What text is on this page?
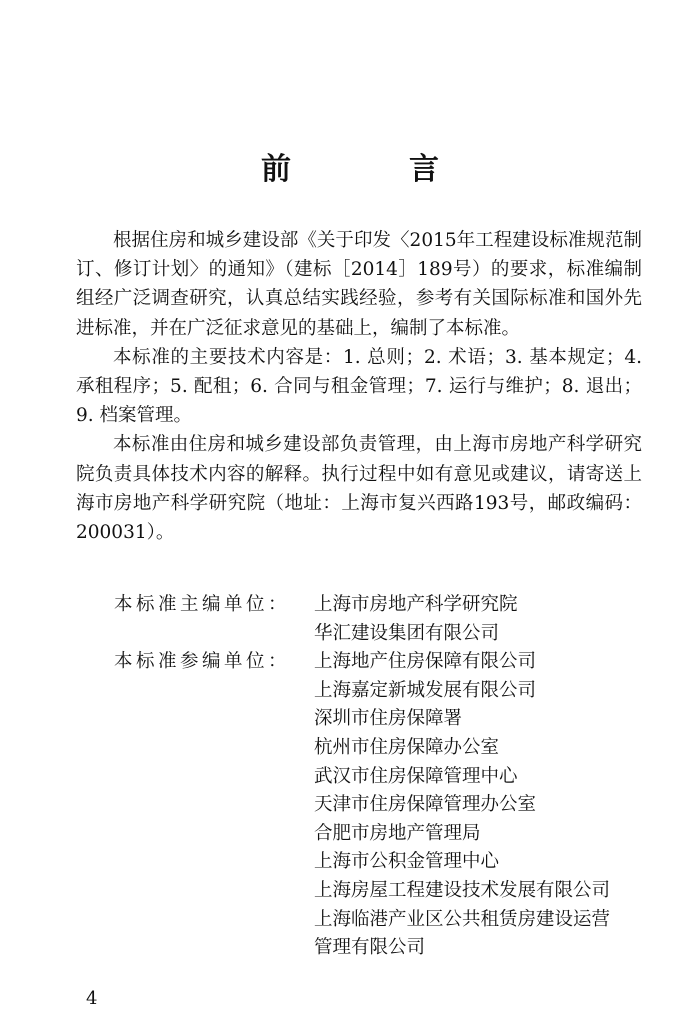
前　言

根据住房和城乡建设部《关于印发〈2015年工程建设标准规范制订、修订计划〉的通知》（建标［2014］189号）的要求，标准编制组经广泛调查研究，认真总结实践经验，参考有关国际标准和国外先进标准，并在广泛征求意见的基础上，编制了本标准。

本标准的主要技术内容是：1. 总则；2. 术语；3. 基本规定；4. 承租程序；5. 配租；6. 合同与租金管理；7. 运行与维护；8. 退出；9. 档案管理。

本标准由住房和城乡建设部负责管理，由上海市房地产科学研究院负责具体技术内容的解释。执行过程中如有意见或建议，请寄送上海市房地产科学研究院（地址：上海市复兴西路193号，邮政编码：200031）。

本标准主编单位：	上海市房地产科学研究院
华汇建设集团有限公司
本标准参编单位：	上海地产住房保障有限公司
上海嘉定新城发展有限公司
深圳市住房保障署
杭州市住房保障办公室
武汉市住房保障管理中心
天津市住房保障管理办公室
合肥市房地产管理局
上海市公积金管理中心
上海房屋工程建设技术发展有限公司
上海临港产业区公共租赁房建设运营
管理有限公司
4
